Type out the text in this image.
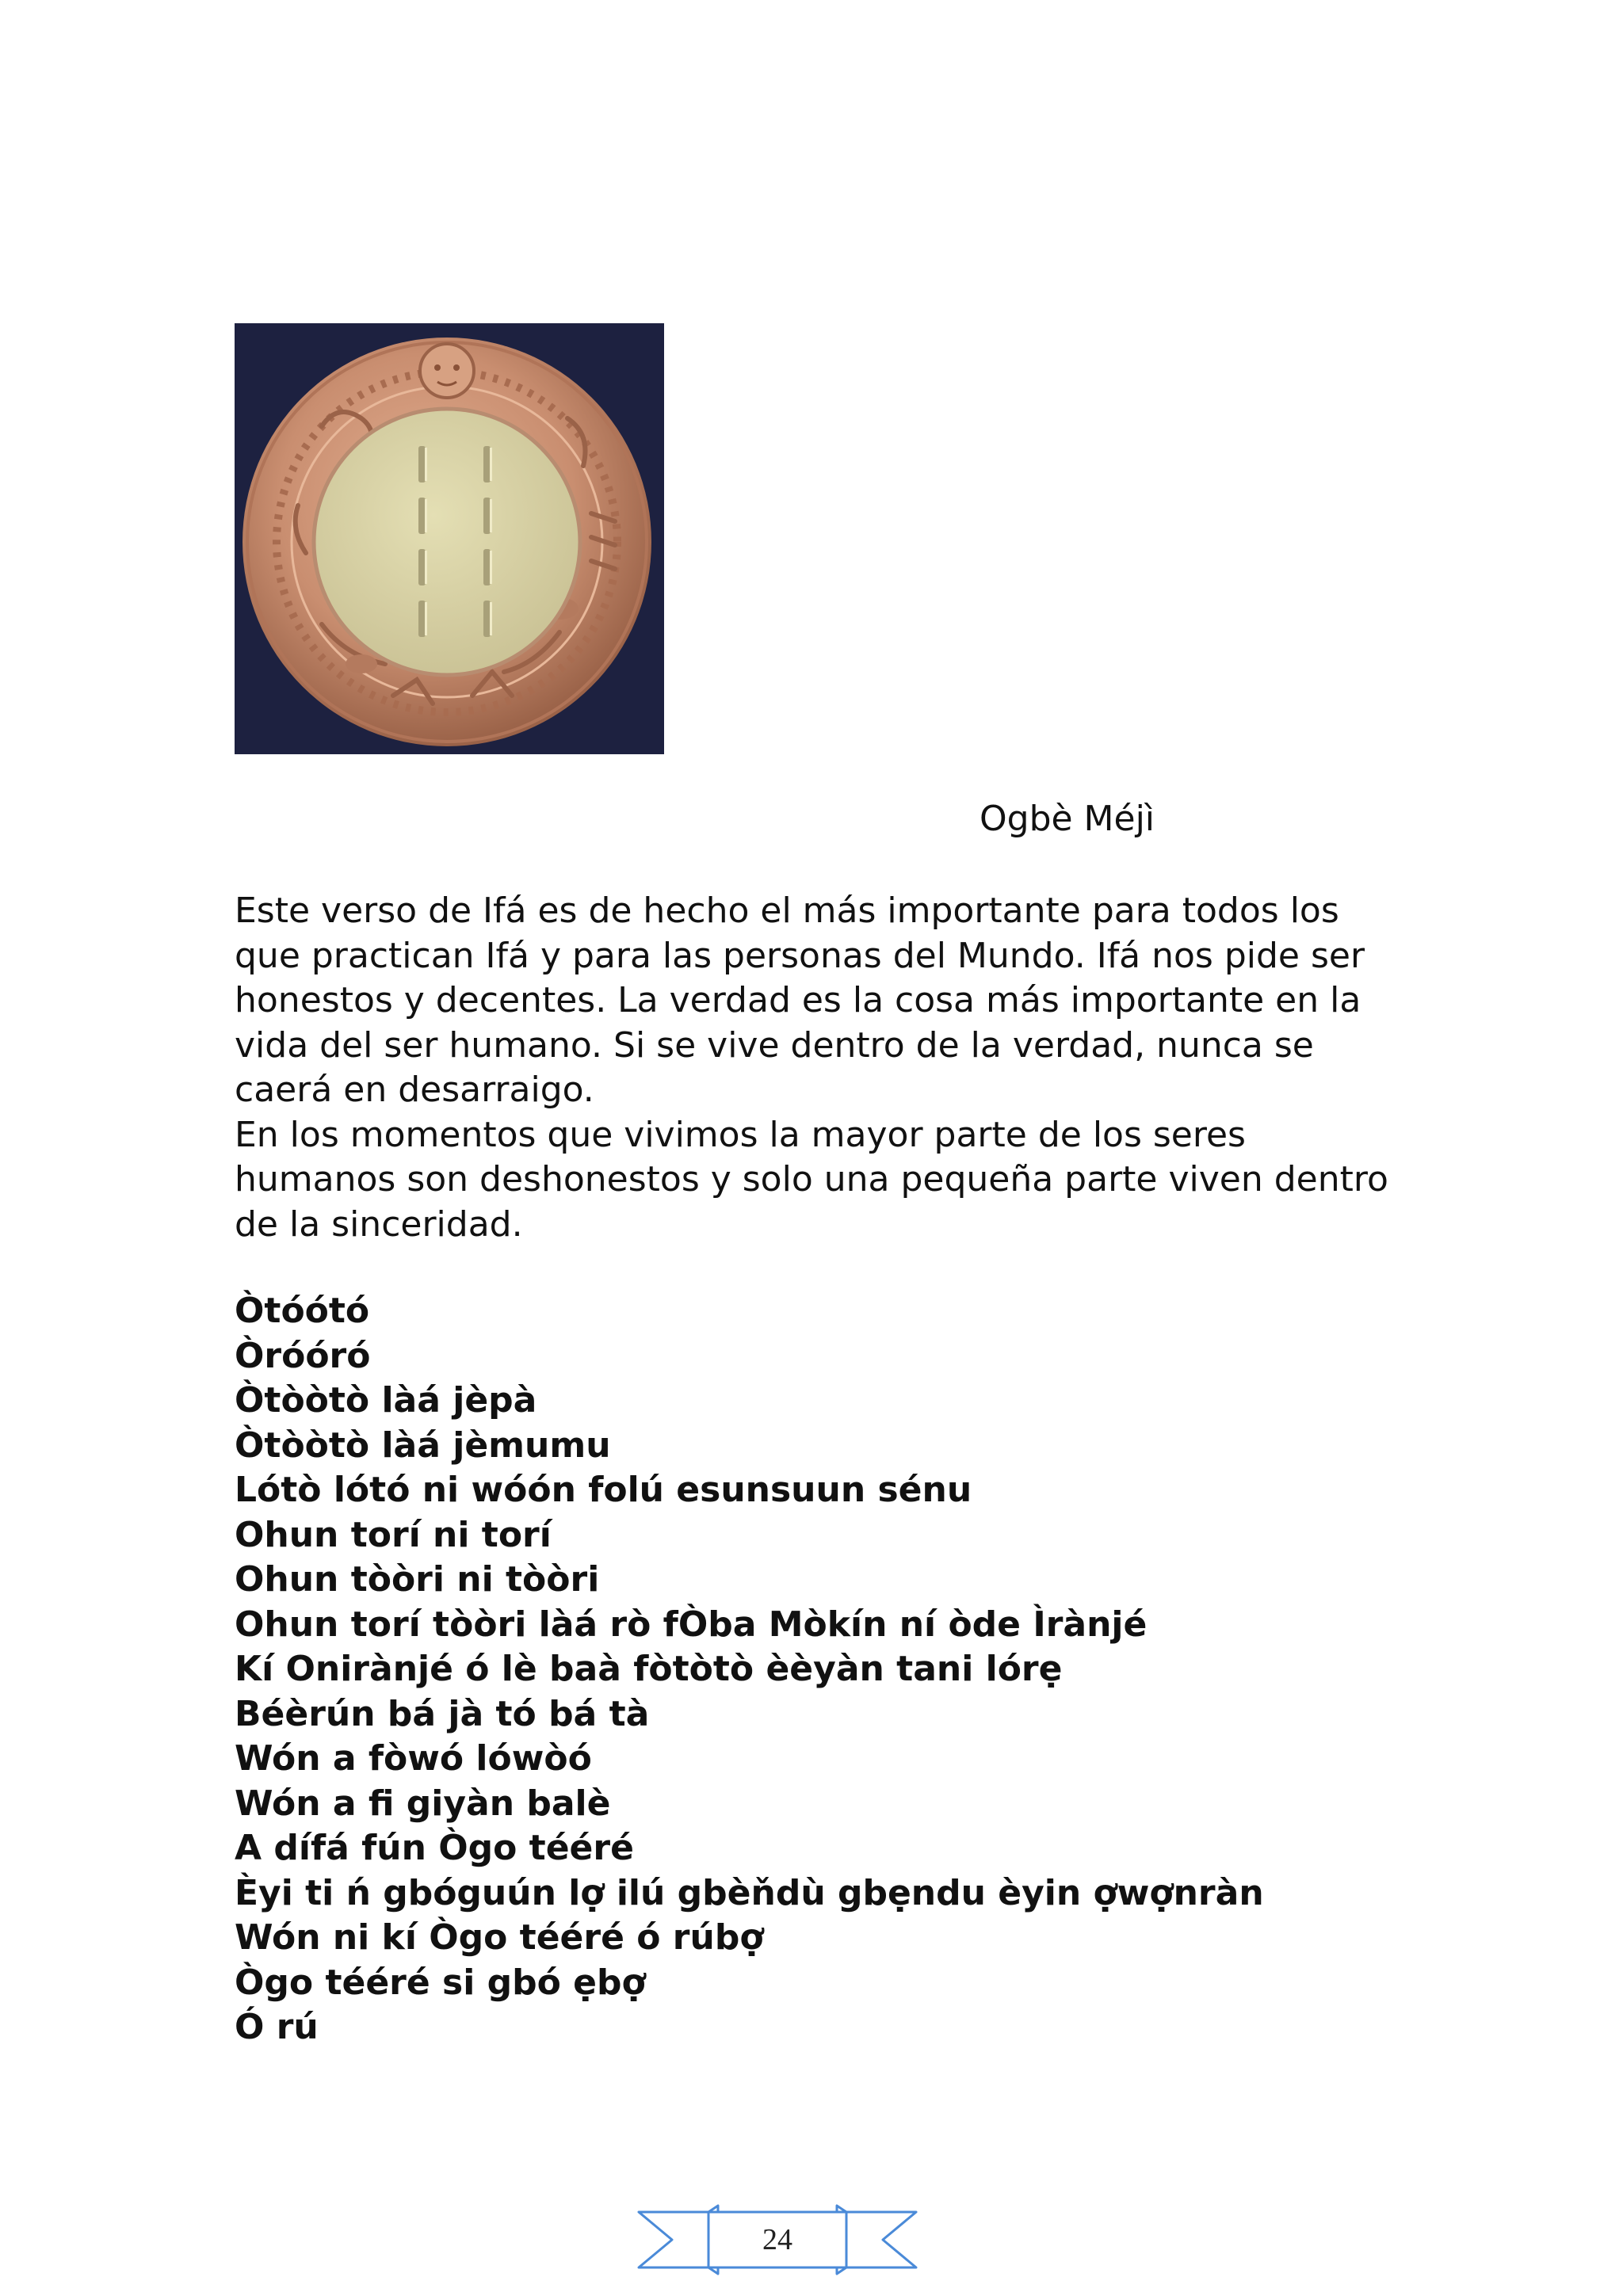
Ogbè Méjì

Este verso de Ifá es de hecho el más importante para todos los que practican Ifá y para las personas del Mundo. Ifá nos pide ser honestos y decentes. La verdad es la cosa más importante en la vida del ser humano. Si se vive dentro de la verdad, nunca se caerá en desarraigo.

En los momentos que vivimos la mayor parte de los seres humanos son deshonestos y solo una pequeña parte viven dentro de la sinceridad.

Òtóótó
Òróóró
Òtòòtò làá jèpà
Òtòòtò làá jèmumu
Lótò lótó ni wóón folú esunsuun sénu
Ohun torí ni torí
Ohun tòòri ni tòòri
Ohun torí tòòri làá rò fÒba Mòkín ní òde Ìrànjé
Kí Onirànjé ó lè baà fòtòtò èèyàn tani lórẹ
Béèrún bá jà tó bá tà
Wón a fòwó lówòó
Wón a fi giyàn balè
A dífá fún Ògo tééré
Èyi ti ń gbóguún lợ ilú gbèňdù gbẹndu èyin ợwợnràn
Wón ni kí Ògo tééré ó rúbợ
Ògo tééré si gbó ẹbợ
Ó rú
24
